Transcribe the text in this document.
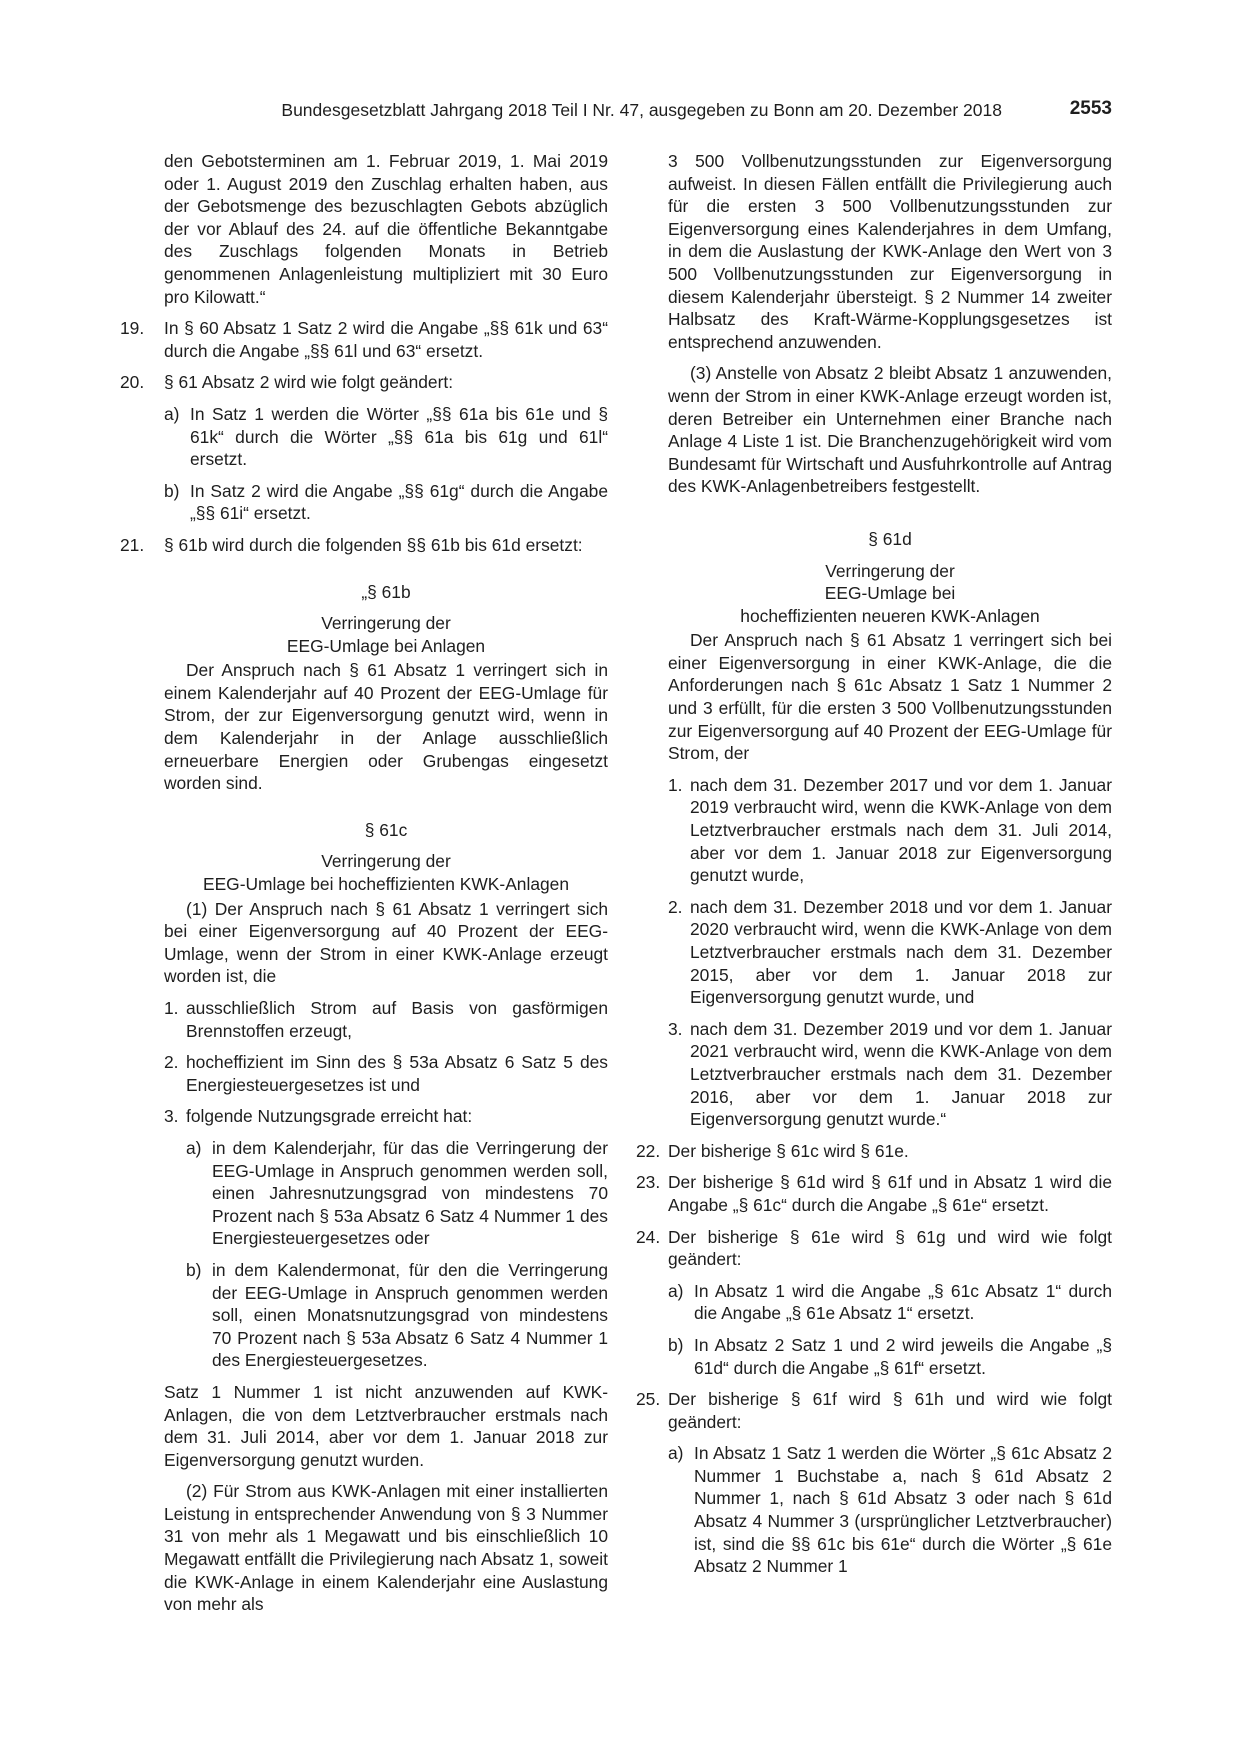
Bundesgesetzblatt Jahrgang 2018 Teil I Nr. 47, ausgegeben zu Bonn am 20. Dezember 2018	2553

den Gebotsterminen am 1. Februar 2019, 1. Mai 2019 oder 1. August 2019 den Zuschlag erhalten haben, aus der Gebotsmenge des bezuschlagten Gebots abzüglich der vor Ablauf des 24. auf die öffentliche Bekanntgabe des Zuschlags folgenden Monats in Betrieb genommenen Anlagenleistung multipliziert mit 30 Euro pro Kilowatt.“

19. In § 60 Absatz 1 Satz 2 wird die Angabe „§§ 61k und 63“ durch die Angabe „§§ 61l und 63“ ersetzt.
20. § 61 Absatz 2 wird wie folgt geändert:
a) In Satz 1 werden die Wörter „§§ 61a bis 61e und § 61k“ durch die Wörter „§§ 61a bis 61g und 61l“ ersetzt.
b) In Satz 2 wird die Angabe „§§ 61g“ durch die Angabe „§§ 61i“ ersetzt.
21. § 61b wird durch die folgenden §§ 61b bis 61d ersetzt:

„§ 61b

Verringerung der

EEG-Umlage bei Anlagen

Der Anspruch nach § 61 Absatz 1 verringert sich in einem Kalenderjahr auf 40 Prozent der EEG-Umlage für Strom, der zur Eigenversorgung genutzt wird, wenn in dem Kalenderjahr in der Anlage ausschließlich erneuerbare Energien oder Grubengas eingesetzt worden sind.

§ 61c

Verringerung der

EEG-Umlage bei hocheffizienten KWK-Anlagen

(1) Der Anspruch nach § 61 Absatz 1 verringert sich bei einer Eigenversorgung auf 40 Prozent der EEG-Umlage, wenn der Strom in einer KWK-Anlage erzeugt worden ist, die

1. ausschließlich Strom auf Basis von gasförmigen Brennstoffen erzeugt,
2. hocheffizient im Sinn des § 53a Absatz 6 Satz 5 des Energiesteuergesetzes ist und
3. folgende Nutzungsgrade erreicht hat:
a) in dem Kalenderjahr, für das die Verringerung der EEG-Umlage in Anspruch genommen werden soll, einen Jahresnutzungsgrad von mindestens 70 Prozent nach § 53a Absatz 6 Satz 4 Nummer 1 des Energiesteuergesetzes oder
b) in dem Kalendermonat, für den die Verringerung der EEG-Umlage in Anspruch genommen werden soll, einen Monatsnutzungsgrad von mindestens 70 Prozent nach § 53a Absatz 6 Satz 4 Nummer 1 des Energiesteuergesetzes.

Satz 1 Nummer 1 ist nicht anzuwenden auf KWK-Anlagen, die von dem Letztverbraucher erstmals nach dem 31. Juli 2014, aber vor dem 1. Januar 2018 zur Eigenversorgung genutzt wurden.

(2) Für Strom aus KWK-Anlagen mit einer installierten Leistung in entsprechender Anwendung von § 3 Nummer 31 von mehr als 1 Megawatt und bis einschließlich 10 Megawatt entfällt die Privilegierung nach Absatz 1, soweit die KWK-Anlage in einem Kalenderjahr eine Auslastung von mehr als

3 500 Vollbenutzungsstunden zur Eigenversorgung aufweist. In diesen Fällen entfällt die Privilegierung auch für die ersten 3 500 Vollbenutzungsstunden zur Eigenversorgung eines Kalenderjahres in dem Umfang, in dem die Auslastung der KWK-Anlage den Wert von 3 500 Vollbenutzungsstunden zur Eigenversorgung in diesem Kalenderjahr übersteigt. § 2 Nummer 14 zweiter Halbsatz des Kraft-Wärme-Kopplungsgesetzes ist entsprechend anzuwenden.

(3) Anstelle von Absatz 2 bleibt Absatz 1 anzuwenden, wenn der Strom in einer KWK-Anlage erzeugt worden ist, deren Betreiber ein Unternehmen einer Branche nach Anlage 4 Liste 1 ist. Die Branchenzugehörigkeit wird vom Bundesamt für Wirtschaft und Ausfuhrkontrolle auf Antrag des KWK-Anlagenbetreibers festgestellt.

§ 61d

Verringerung der

EEG-Umlage bei

hocheffizienten neueren KWK-Anlagen

Der Anspruch nach § 61 Absatz 1 verringert sich bei einer Eigenversorgung in einer KWK-Anlage, die die Anforderungen nach § 61c Absatz 1 Satz 1 Nummer 2 und 3 erfüllt, für die ersten 3 500 Vollbenutzungsstunden zur Eigenversorgung auf 40 Prozent der EEG-Umlage für Strom, der

1. nach dem 31. Dezember 2017 und vor dem 1. Januar 2019 verbraucht wird, wenn die KWK-Anlage von dem Letztverbraucher erstmals nach dem 31. Juli 2014, aber vor dem 1. Januar 2018 zur Eigenversorgung genutzt wurde,
2. nach dem 31. Dezember 2018 und vor dem 1. Januar 2020 verbraucht wird, wenn die KWK-Anlage von dem Letztverbraucher erstmals nach dem 31. Dezember 2015, aber vor dem 1. Januar 2018 zur Eigenversorgung genutzt wurde, und
3. nach dem 31. Dezember 2019 und vor dem 1. Januar 2021 verbraucht wird, wenn die KWK-Anlage von dem Letztverbraucher erstmals nach dem 31. Dezember 2016, aber vor dem 1. Januar 2018 zur Eigenversorgung genutzt wurde.“
22. Der bisherige § 61c wird § 61e.
23. Der bisherige § 61d wird § 61f und in Absatz 1 wird die Angabe „§ 61c“ durch die Angabe „§ 61e“ ersetzt.
24. Der bisherige § 61e wird § 61g und wird wie folgt geändert:
a) In Absatz 1 wird die Angabe „§ 61c Absatz 1“ durch die Angabe „§ 61e Absatz 1“ ersetzt.
b) In Absatz 2 Satz 1 und 2 wird jeweils die Angabe „§ 61d“ durch die Angabe „§ 61f“ ersetzt.
25. Der bisherige § 61f wird § 61h und wird wie folgt geändert:
a) In Absatz 1 Satz 1 werden die Wörter „§ 61c Absatz 2 Nummer 1 Buchstabe a, nach § 61d Absatz 2 Nummer 1, nach § 61d Absatz 3 oder nach § 61d Absatz 4 Nummer 3 (ursprünglicher Letztverbraucher) ist, sind die §§ 61c bis 61e“ durch die Wörter „§ 61e Absatz 2 Nummer 1
